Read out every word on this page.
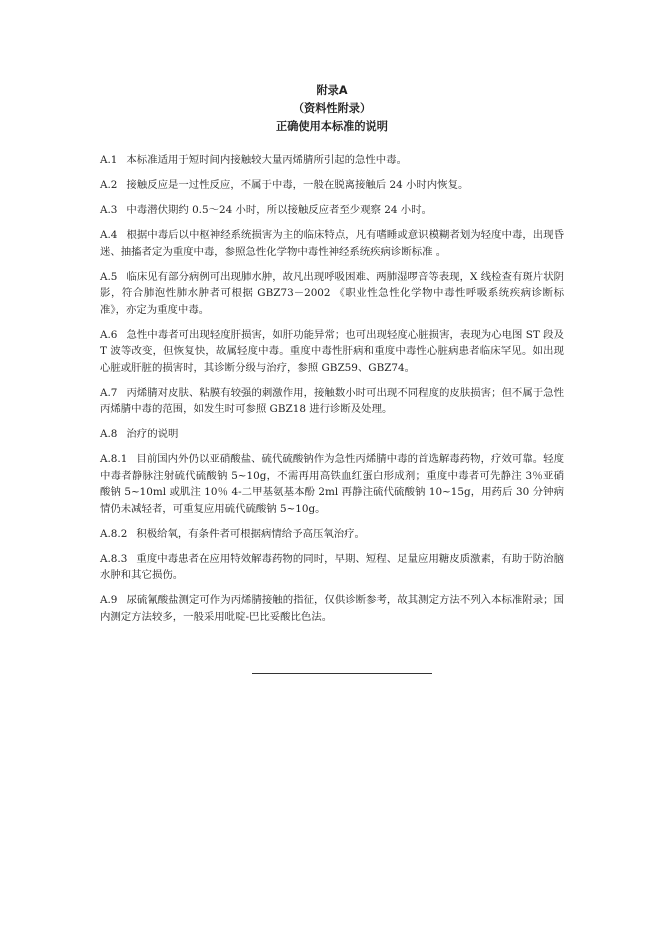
附录A
（资料性附录）
正确使用本标准的说明

A.1 本标准适用于短时间内接触较大量丙烯腈所引起的急性中毒。

A.2 接触反应是一过性反应，不属于中毒，一般在脱离接触后 24 小时内恢复。

A.3 中毒潜伏期约 0.5～24 小时，所以接触反应者至少观察 24 小时。

A.4 根据中毒后以中枢神经系统损害为主的临床特点，凡有嗜睡或意识模糊者划为轻度中毒，出现昏迷、抽搐者定为重度中毒，参照急性化学物中毒性神经系统疾病诊断标准 。

A.5 临床见有部分病例可出现肺水肿，故凡出现呼吸困难、两肺湿啰音等表现，X 线检查有斑片状阴影，符合肺泡性肺水肿者可根据 GBZ73－2002 《职业性急性化学物中毒性呼吸系统疾病诊断标准》，亦定为重度中毒。

A.6 急性中毒者可出现轻度肝损害，如肝功能异常；也可出现轻度心脏损害，表现为心电图 ST 段及 T 波等改变，但恢复快，故属轻度中毒。重度中毒性肝病和重度中毒性心脏病患者临床罕见。如出现心脏或肝脏的损害时，其诊断分级与治疗，参照 GBZ59、GBZ74。

A.7 丙烯腈对皮肤、粘膜有较强的刺激作用，接触数小时可出现不同程度的皮肤损害；但不属于急性丙烯腈中毒的范围，如发生时可参照 GBZ18 进行诊断及处理。

A.8 治疗的说明

A.8.1 目前国内外仍以亚硝酸盐、硫代硫酸钠作为急性丙烯腈中毒的首选解毒药物，疗效可靠。轻度中毒者静脉注射硫代硫酸钠 5~10g，不需再用高铁血红蛋白形成剂；重度中毒者可先静注 3％亚硝酸钠 5~10ml 或肌注 10％ 4-二甲基氨基本酚 2ml 再静注硫代硫酸钠 10~15g，用药后 30 分钟病情仍未减轻者，可重复应用硫代硫酸钠 5~10g。

A.8.2 积极给氧，有条件者可根据病情给予高压氧治疗。

A.8.3 重度中毒患者在应用特效解毒药物的同时，早期、短程、足量应用糖皮质激素，有助于防治脑水肿和其它损伤。

A.9 尿硫氰酸盐测定可作为丙烯腈接触的指征，仅供诊断参考，故其测定方法不列入本标准附录；国内测定方法较多，一般采用吡啶-巴比妥酸比色法。
